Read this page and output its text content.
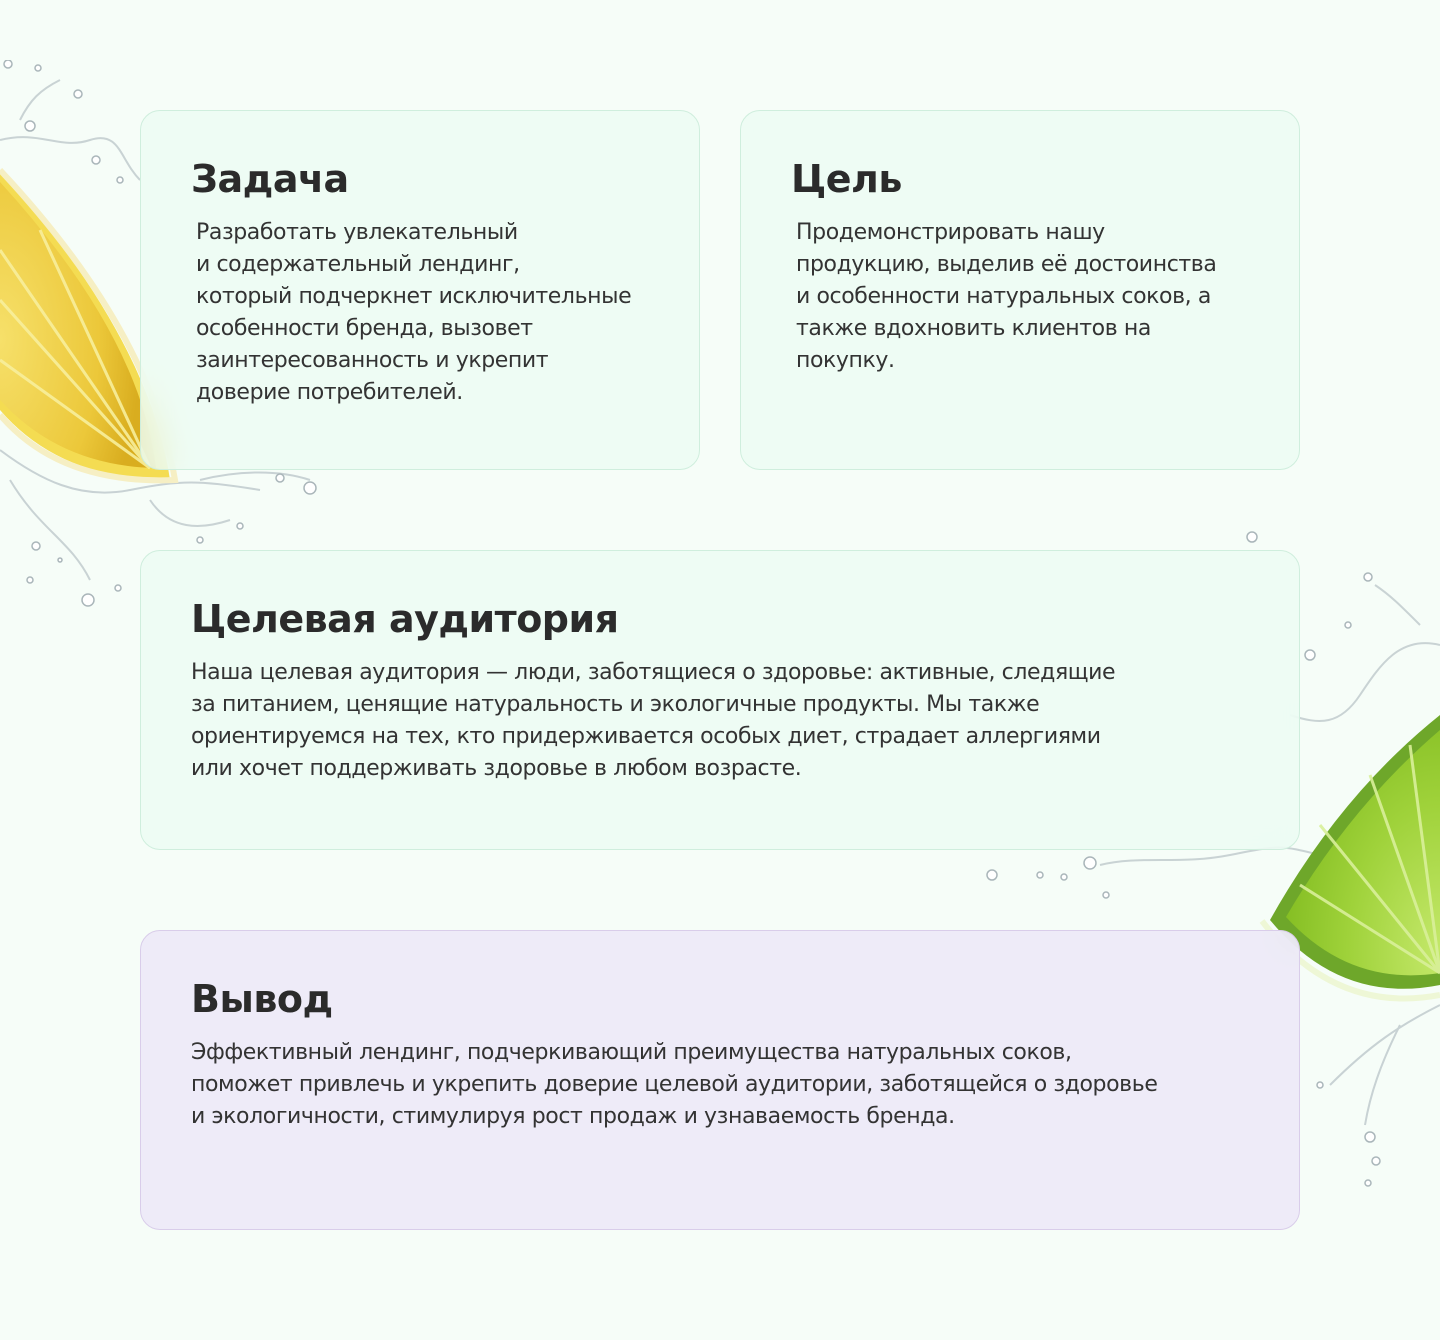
Задача

Разработать увлекательный
и содержательный лендинг,
который подчеркнет исключительные
особенности бренда, вызовет
заинтересованность и укрепит
доверие потребителей.

Цель

Продемонстрировать нашу
продукцию, выделив её достоинства
и особенности натуральных соков, а
также вдохновить клиентов на
покупку.

Целевая аудитория

Наша целевая аудитория — люди, заботящиеся о здоровье: активные, следящие
за питанием, ценящие натуральность и экологичные продукты. Мы также
ориентируемся на тех, кто придерживается особых диет, страдает аллергиями
или хочет поддерживать здоровье в любом возрасте.

Вывод

Эффективный лендинг, подчеркивающий преимущества натуральных соков,
поможет привлечь и укрепить доверие целевой аудитории, заботящейся о здоровье
и экологичности, стимулируя рост продаж и узнаваемость бренда.
